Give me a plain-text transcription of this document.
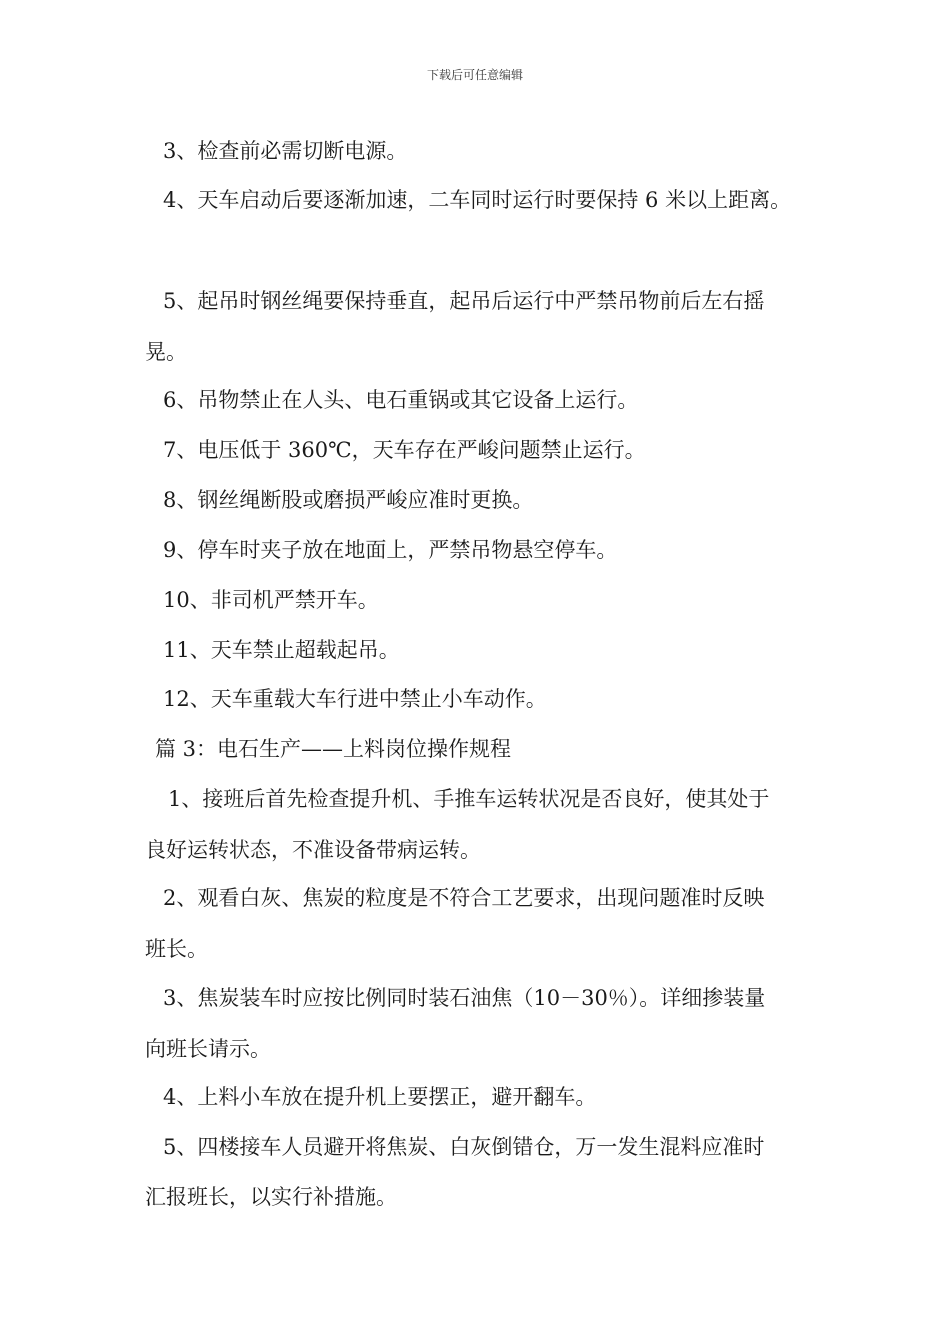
下载后可任意编辑
3、检查前必需切断电源。
4、天车启动后要逐渐加速，二车同时运行时要保持 6 米以上距离。
5、起吊时钢丝绳要保持垂直，起吊后运行中严禁吊物前后左右摇
晃。
6、吊物禁止在人头、电石重锅或其它设备上运行。
7、电压低于 360℃，天车存在严峻问题禁止运行。
8、钢丝绳断股或磨损严峻应准时更换。
9、停车时夹子放在地面上，严禁吊物悬空停车。
10、非司机严禁开车。
11、天车禁止超载起吊。
12、天车重载大车行进中禁止小车动作。
篇 3：电石生产——上料岗位操作规程
1、接班后首先检查提升机、手推车运转状况是否良好，使其处于
良好运转状态，不准设备带病运转。
2、观看白灰、焦炭的粒度是不符合工艺要求，出现问题准时反映
班长。
3、焦炭装车时应按比例同时装石油焦（10－30％）。详细掺装量
向班长请示。
4、上料小车放在提升机上要摆正，避开翻车。
5、四楼接车人员避开将焦炭、白灰倒错仓，万一发生混料应准时
汇报班长，以实行补措施。
